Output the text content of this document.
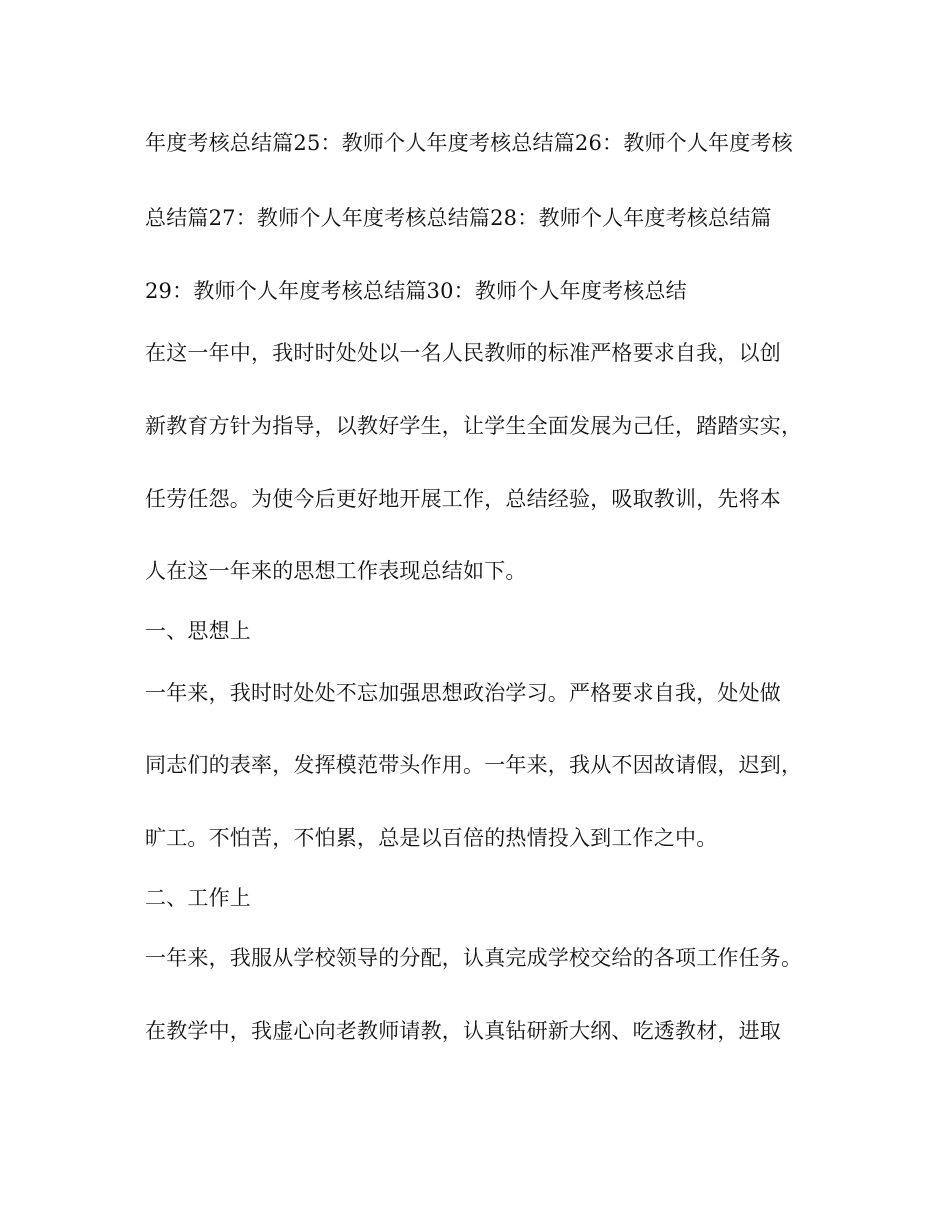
年度考核总结篇25：教师个人年度考核总结篇26：教师个人年度考核
总结篇27：教师个人年度考核总结篇28：教师个人年度考核总结篇
29：教师个人年度考核总结篇30：教师个人年度考核总结
在这一年中，我时时处处以一名人民教师的标准严格要求自我，以创
新教育方针为指导，以教好学生，让学生全面发展为己任，踏踏实实，
任劳任怨。为使今后更好地开展工作，总结经验，吸取教训，先将本
人在这一年来的思想工作表现总结如下。
一、思想上
一年来，我时时处处不忘加强思想政治学习。严格要求自我，处处做
同志们的表率，发挥模范带头作用。一年来，我从不因故请假，迟到，
旷工。不怕苦，不怕累，总是以百倍的热情投入到工作之中。
二、工作上
一年来，我服从学校领导的分配，认真完成学校交给的各项工作任务。
在教学中，我虚心向老教师请教，认真钻研新大纲、吃透教材，进取
